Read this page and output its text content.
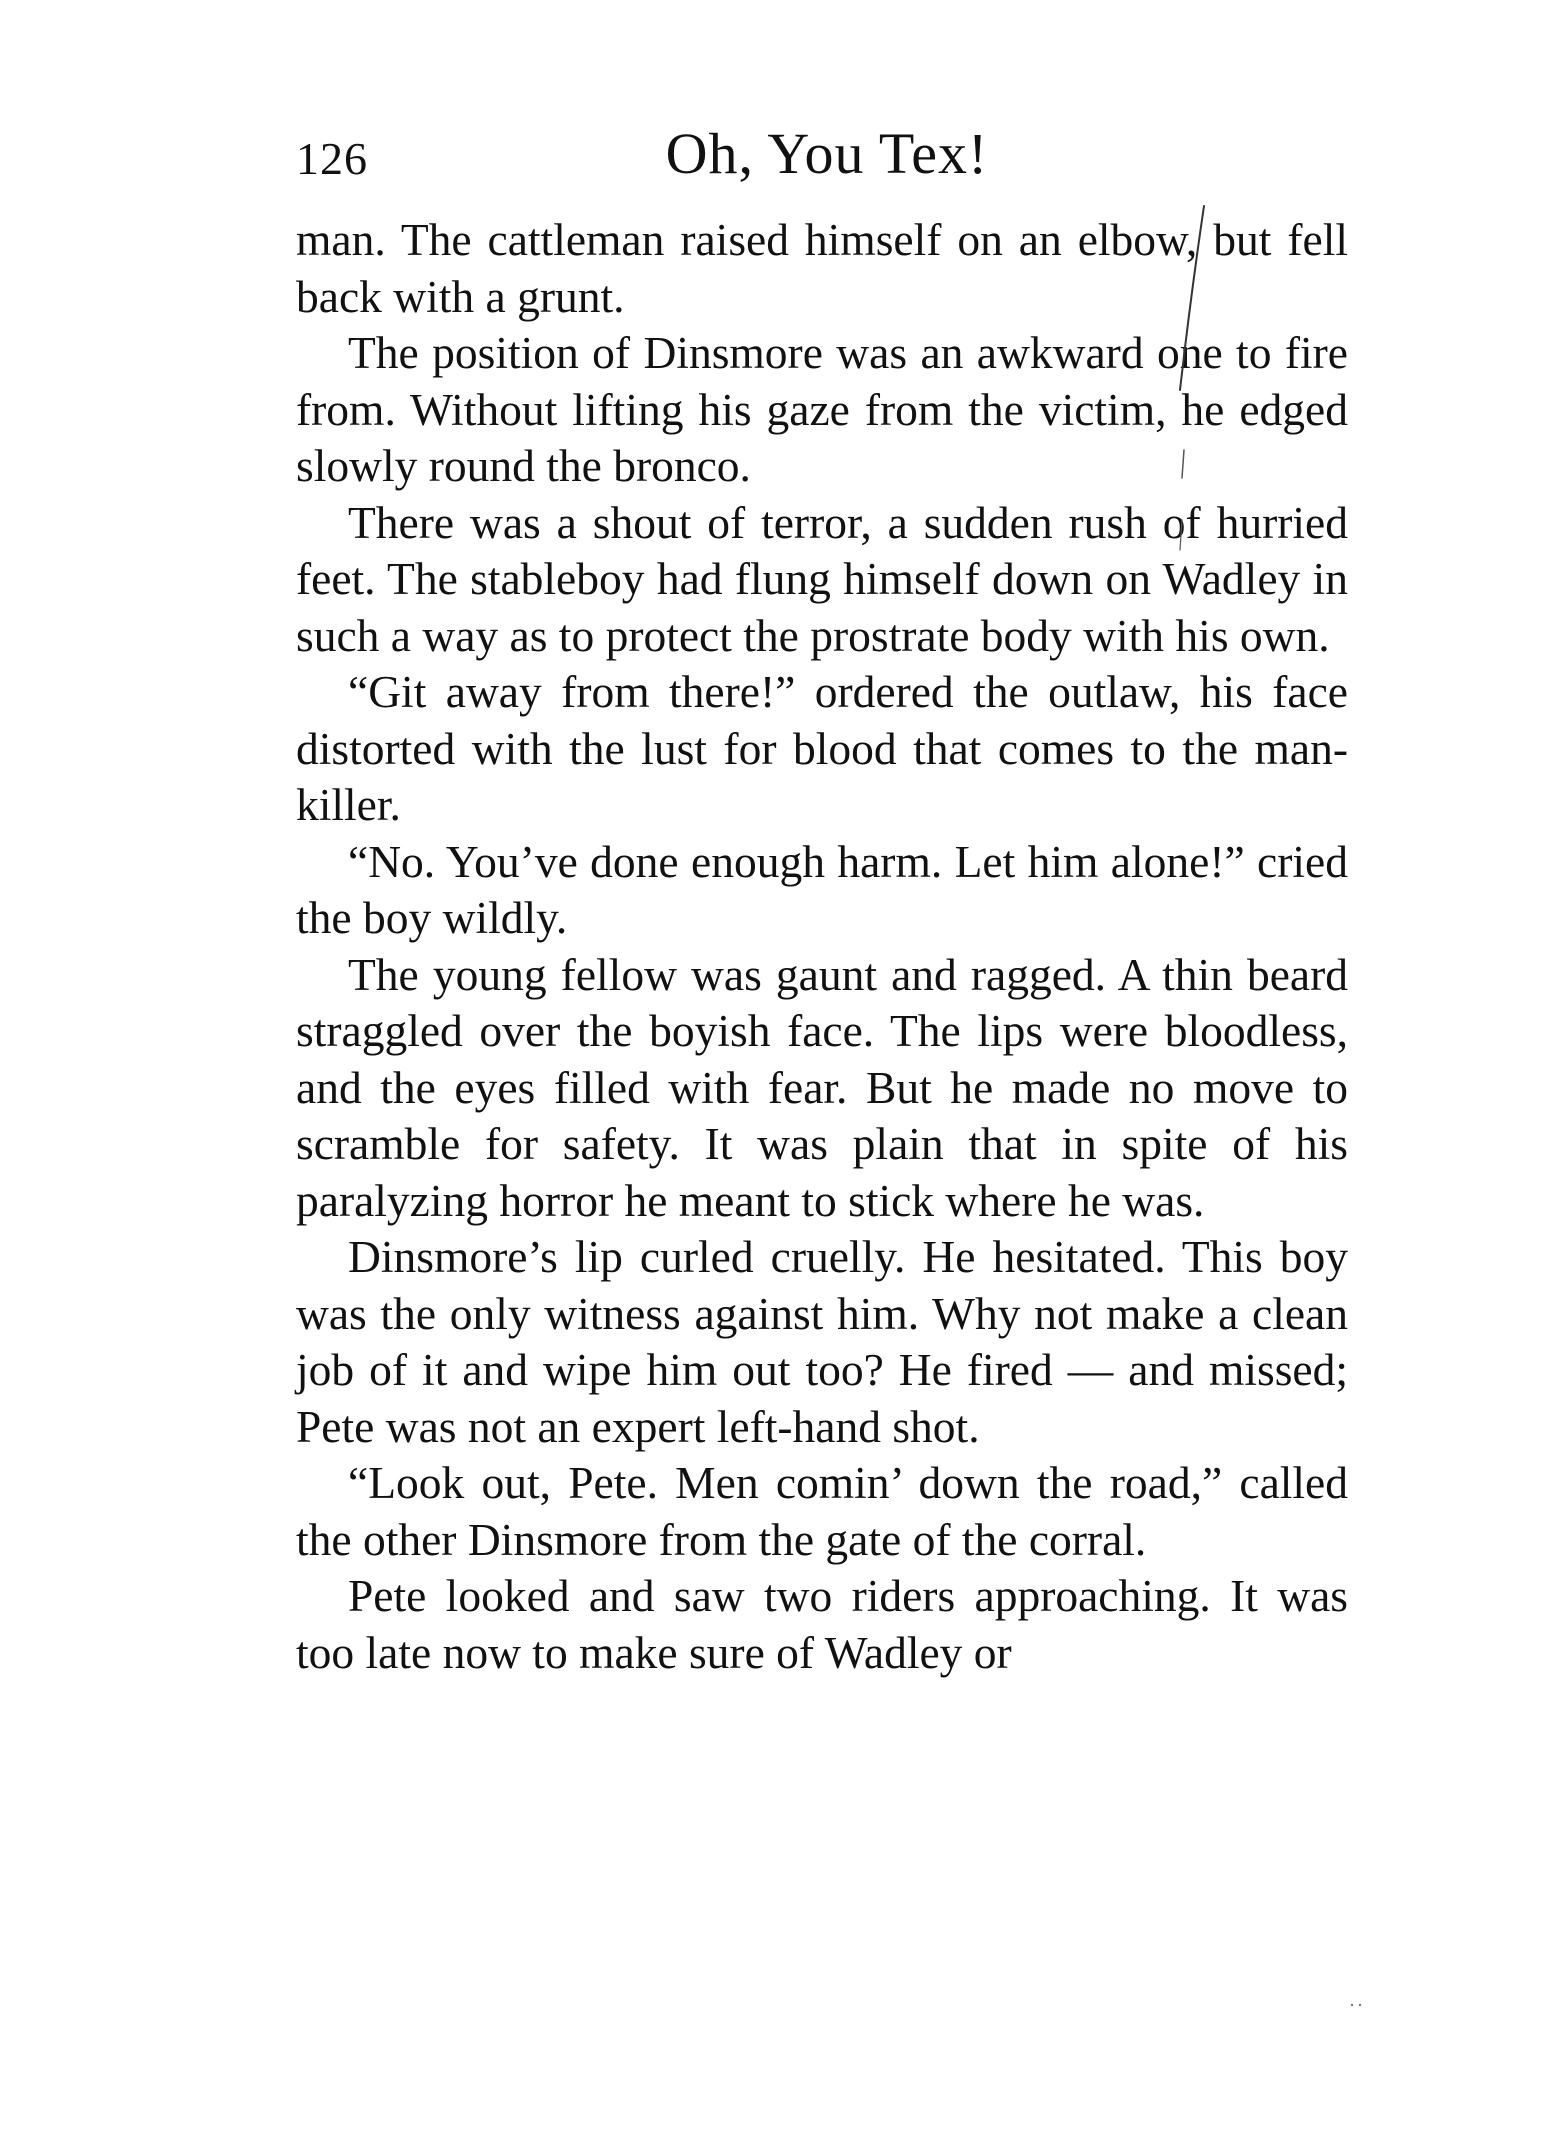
126	Oh, You Tex!

man. The cattleman raised himself on an elbow, but fell back with a grunt.

The position of Dinsmore was an awkward one to fire from. Without lifting his gaze from the victim, he edged slowly round the bronco.

There was a shout of terror, a sudden rush of hurried feet. The stableboy had flung himself down on Wadley in such a way as to protect the prostrate body with his own.

“Git away from there!” ordered the outlaw, his face distorted with the lust for blood that comes to the man-killer.

“No. You’ve done enough harm. Let him alone!” cried the boy wildly.

The young fellow was gaunt and ragged. A thin beard straggled over the boyish face. The lips were bloodless, and the eyes filled with fear. But he made no move to scramble for safety. It was plain that in spite of his paralyzing horror he meant to stick where he was.

Dinsmore’s lip curled cruelly. He hesitated. This boy was the only witness against him. Why not make a clean job of it and wipe him out too? He fired — and missed; Pete was not an expert left-hand shot.

“Look out, Pete. Men comin’ down the road,” called the other Dinsmore from the gate of the corral.

Pete looked and saw two riders approaching. It was too late now to make sure of Wadley or
